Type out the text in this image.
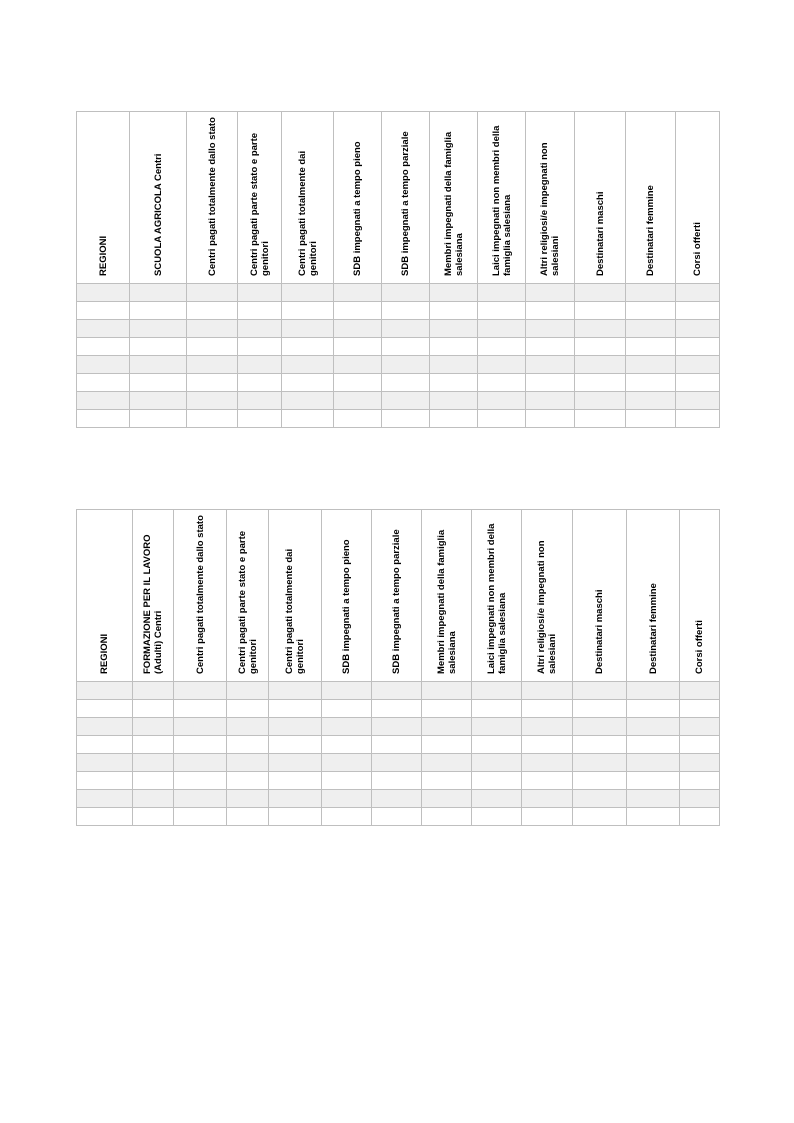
REGIONI	SCUOLA AGRICOLA Centri	Centri pagati totalmente dallo stato	Centri pagati parte stato e parte genitori	Centri pagati totalmente dai genitori	SDB impegnati a tempo pieno	SDB impegnati a tempo parziale	Membri impegnati della famiglia salesiana	Laici impegnati non membri della famiglia salesiana	Altri religiosi/e impegnati non salesiani	Destinatari maschi	Destinatari femmine	Corsi offerti

REGIONI	FORMAZIONE PER IL LAVORO (Adulti) Centri	Centri pagati totalmente dallo stato	Centri pagati parte stato e parte genitori	Centri pagati totalmente dai genitori	SDB impegnati a tempo pieno	SDB impegnati a tempo parziale	Membri impegnati della famiglia salesiana	Laici impegnati non membri della famiglia salesiana	Altri religiosi/e impegnati non salesiani	Destinatari maschi	Destinatari femmine	Corsi offerti
